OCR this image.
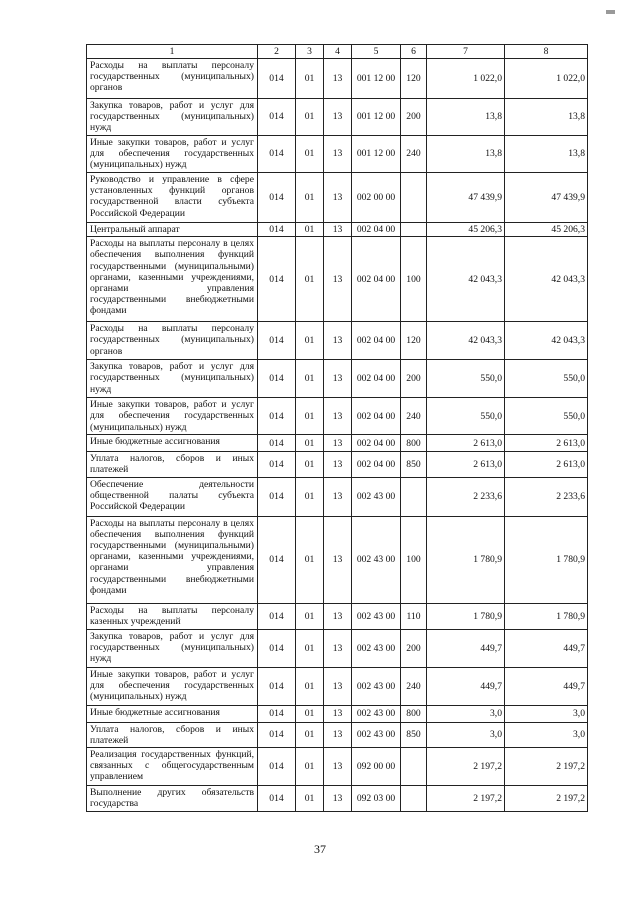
1	2	3	4	5	6	7	8
Расходы на выплаты персоналу государственных (муниципальных) органов	014	01	13	001 12 00	120	1 022,0	1 022,0
Закупка товаров, работ и услуг для государственных (муниципальных) нужд	014	01	13	001 12 00	200	13,8	13,8
Иные закупки товаров, работ и услуг для обеспечения государственных (муниципальных) нужд	014	01	13	001 12 00	240	13,8	13,8
Руководство и управление в сфере установленных функций органов государственной власти субъекта Российской Федерации	014	01	13	002 00 00		47 439,9	47 439,9
Центральный аппарат	014	01	13	002 04 00		45 206,3	45 206,3
Расходы на выплаты персоналу в целях обеспечения выполнения функций государственными (муниципальными) органами, казенными учреждениями, органами управления государственными внебюджетными фондами	014	01	13	002 04 00	100	42 043,3	42 043,3
Расходы на выплаты персоналу государственных (муниципальных) органов	014	01	13	002 04 00	120	42 043,3	42 043,3
Закупка товаров, работ и услуг для государственных (муниципальных) нужд	014	01	13	002 04 00	200	550,0	550,0
Иные закупки товаров, работ и услуг для обеспечения государственных (муниципальных) нужд	014	01	13	002 04 00	240	550,0	550,0
Иные бюджетные ассигнования	014	01	13	002 04 00	800	2 613,0	2 613,0
Уплата налогов, сборов и иных платежей	014	01	13	002 04 00	850	2 613,0	2 613,0
Обеспечение деятельности общественной палаты субъекта Российской Федерации	014	01	13	002 43 00		2 233,6	2 233,6
Расходы на выплаты персоналу в целях обеспечения выполнения функций государственными (муниципальными) органами, казенными учреждениями, органами управления государственными внебюджетными фондами	014	01	13	002 43 00	100	1 780,9	1 780,9
Расходы на выплаты персоналу казенных учреждений	014	01	13	002 43 00	110	1 780,9	1 780,9
Закупка товаров, работ и услуг для государственных (муниципальных) нужд	014	01	13	002 43 00	200	449,7	449,7
Иные закупки товаров, работ и услуг для обеспечения государственных (муниципальных) нужд	014	01	13	002 43 00	240	449,7	449,7
Иные бюджетные ассигнования	014	01	13	002 43 00	800	3,0	3,0
Уплата налогов, сборов и иных платежей	014	01	13	002 43 00	850	3,0	3,0
Реализация государственных функций, связанных с общегосударственным управлением	014	01	13	092 00 00		2 197,2	2 197,2
Выполнение других обязательств государства	014	01	13	092 03 00		2 197,2	2 197,2
37
